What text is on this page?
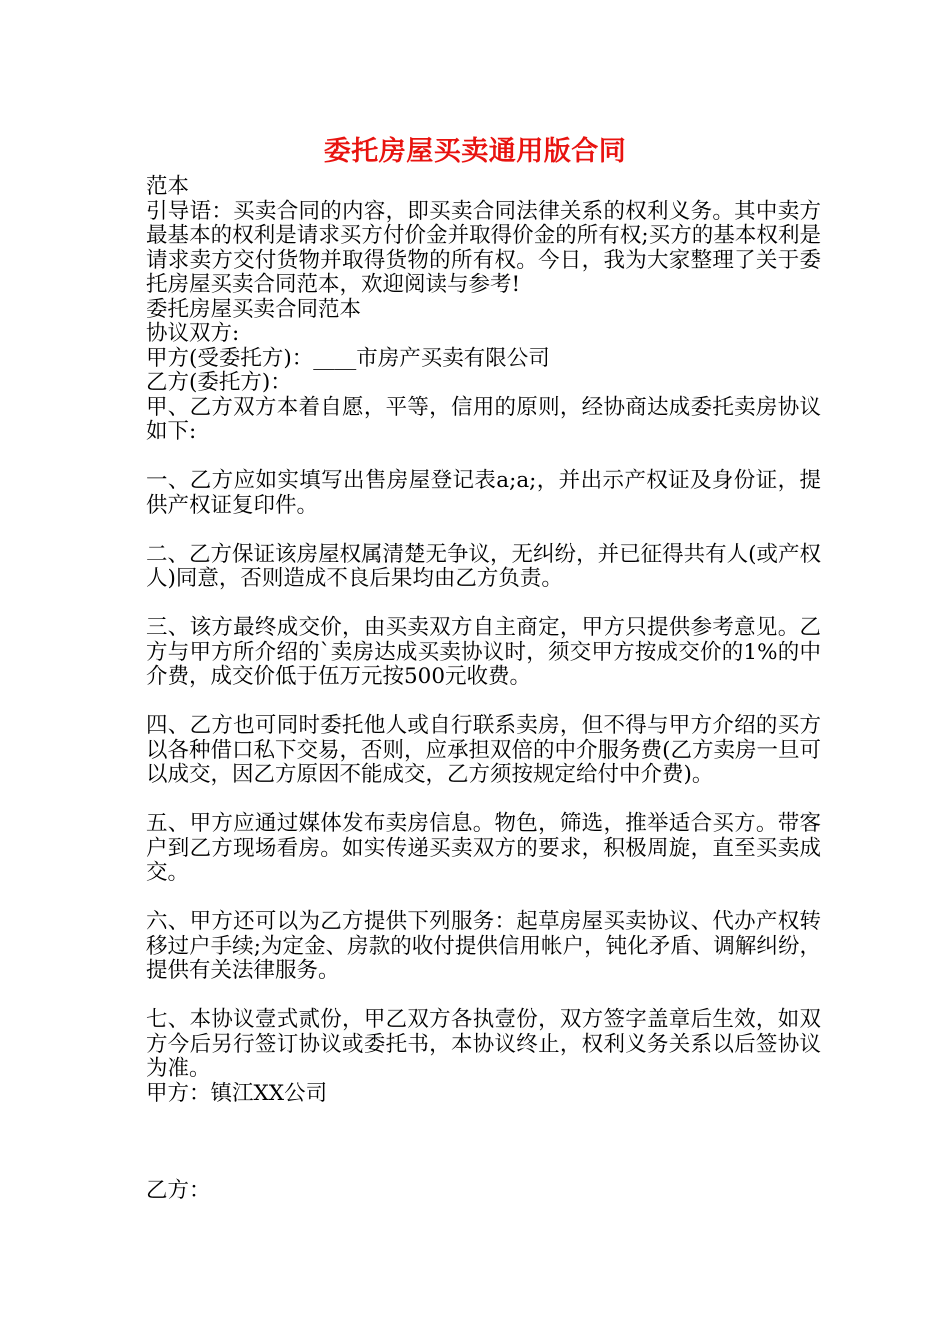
委托房屋买卖通用版合同

范本

引导语：买卖合同的内容，即买卖合同法律关系的权利义务。其中卖方最基本的权利是请求买方付价金并取得价金的所有权;买方的基本权利是请求卖方交付货物并取得货物的所有权。今日，我为大家整理了关于委托房屋买卖合同范本，欢迎阅读与参考!

委托房屋买卖合同范本

协议双方:

甲方(受委托方)：____市房产买卖有限公司

乙方(委托方)：

甲、乙方双方本着自愿，平等，信用的原则，经协商达成委托卖房协议如下:

一、乙方应如实填写出售房屋登记表a;a;，并出示产权证及身份证，提供产权证复印件。

二、乙方保证该房屋权属清楚无争议，无纠纷，并已征得共有人(或产权人)同意，否则造成不良后果均由乙方负责。

三、该方最终成交价，由买卖双方自主商定，甲方只提供参考意见。乙方与甲方所介绍的`卖房达成买卖协议时，须交甲方按成交价的1%的中介费，成交价低于伍万元按500元收费。

四、乙方也可同时委托他人或自行联系卖房，但不得与甲方介绍的买方以各种借口私下交易，否则，应承担双倍的中介服务费(乙方卖房一旦可以成交，因乙方原因不能成交，乙方须按规定给付中介费)。

五、甲方应通过媒体发布卖房信息。物色，筛选，推举适合买方。带客户到乙方现场看房。如实传递买卖双方的要求，积极周旋，直至买卖成交。

六、甲方还可以为乙方提供下列服务：起草房屋买卖协议、代办产权转移过户手续;为定金、房款的收付提供信用帐户，钝化矛盾、调解纠纷，提供有关法律服务。

七、本协议壹式贰份，甲乙双方各执壹份，双方签字盖章后生效，如双方今后另行签订协议或委托书，本协议终止，权利义务关系以后签协议为准。

甲方：镇江XX公司

乙方：
